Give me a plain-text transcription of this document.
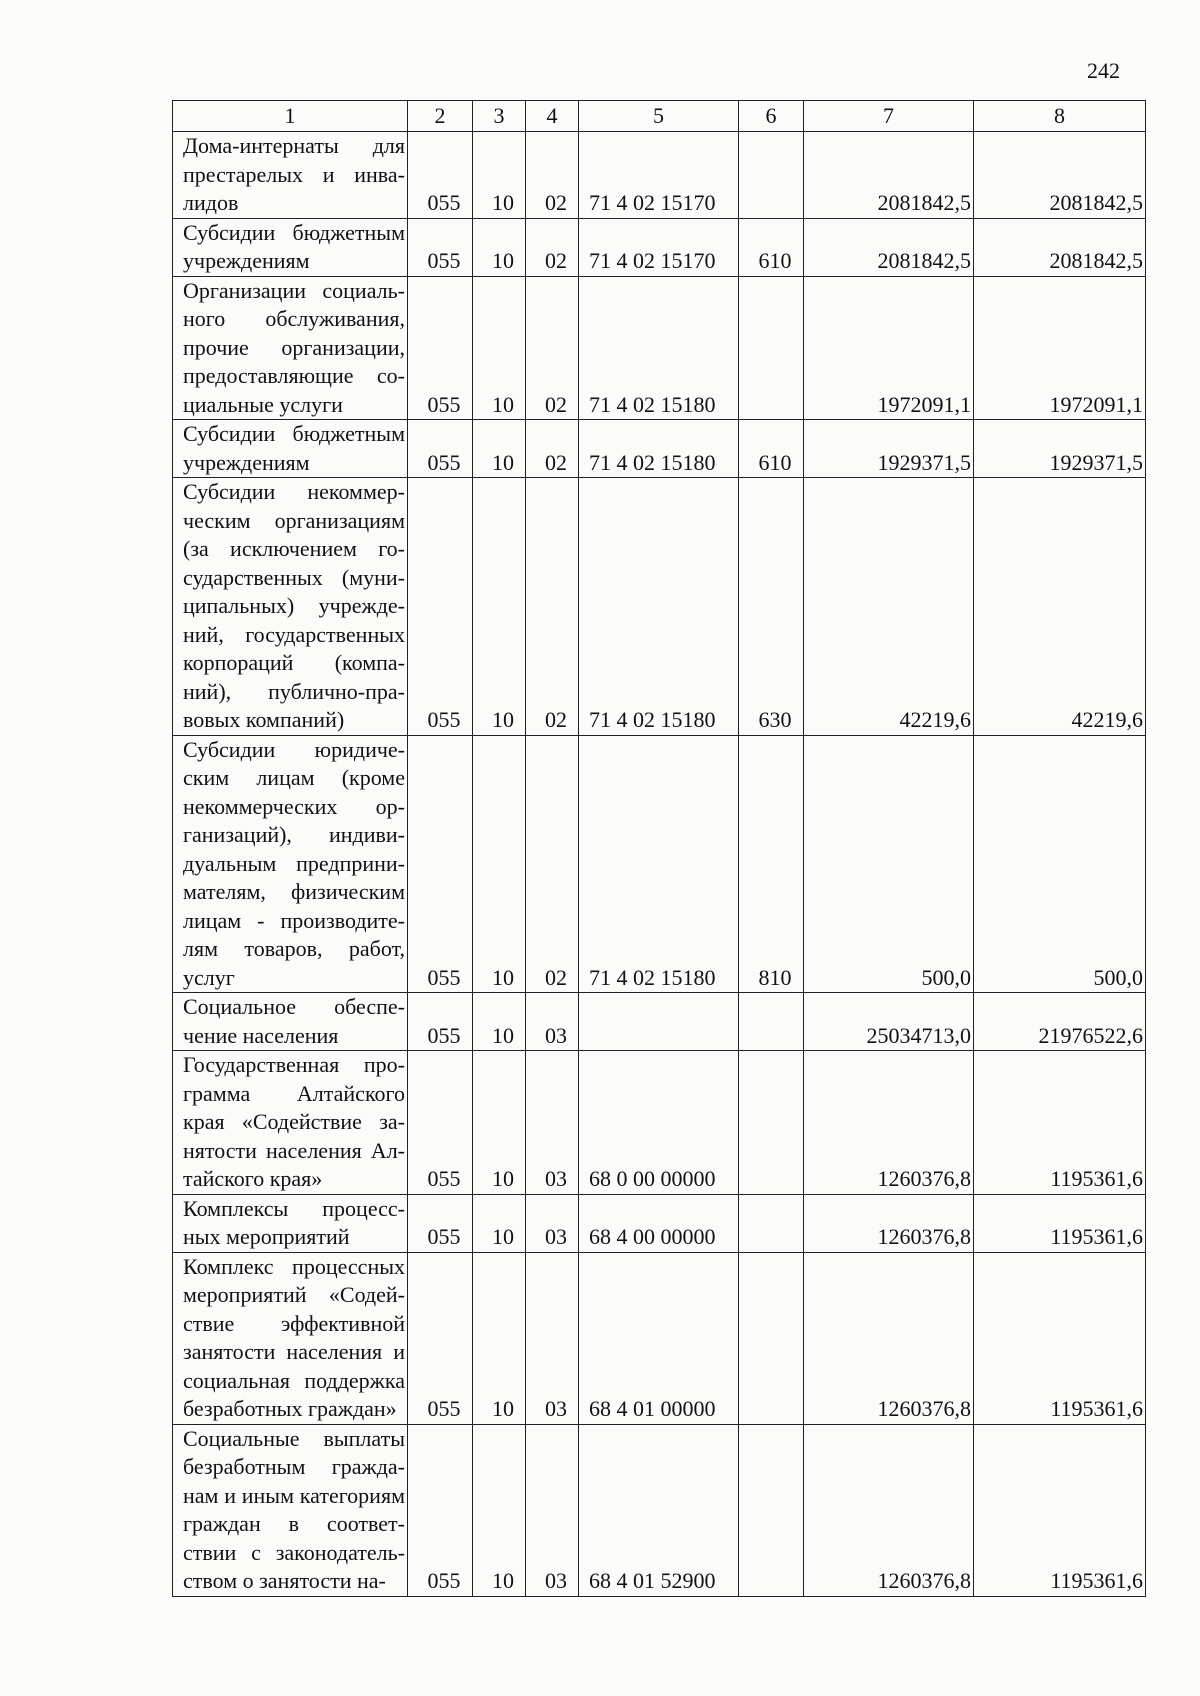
242
1	2	3	4	5	6	7	8
Дома-интернаты для престарелых и инвалидов	055	10	02	71 4 02 15170		2081842,5	2081842,5
Субсидии бюджетным учреждениям	055	10	02	71 4 02 15170	610	2081842,5	2081842,5
Организации социального обслуживания, прочие организации, предоставляющие социальные услуги	055	10	02	71 4 02 15180		1972091,1	1972091,1
Субсидии бюджетным учреждениям	055	10	02	71 4 02 15180	610	1929371,5	1929371,5
Субсидии некоммерческим организациям (за исключением государственных (муниципальных) учреждений, государственных корпораций (компаний), публично-правовых компаний)	055	10	02	71 4 02 15180	630	42219,6	42219,6
Субсидии юридическим лицам (кроме некоммерческих организаций), индивидуальным предпринимателям, физическим лицам - производителям товаров, работ, услуг	055	10	02	71 4 02 15180	810	500,0	500,0
Социальное обеспечение населения	055	10	03			25034713,0	21976522,6
Государственная программа Алтайского края «Содействие занятости населения Алтайского края»	055	10	03	68 0 00 00000		1260376,8	1195361,6
Комплексы процессных мероприятий	055	10	03	68 4 00 00000		1260376,8	1195361,6
Комплекс процессных мероприятий «Содействие эффективной занятости населения и социальная поддержка безработных граждан»	055	10	03	68 4 01 00000		1260376,8	1195361,6
Социальные выплаты безработным гражданам и иным категориям граждан в соответствии с законодательством о занятости на-	055	10	03	68 4 01 52900		1260376,8	1195361,6
